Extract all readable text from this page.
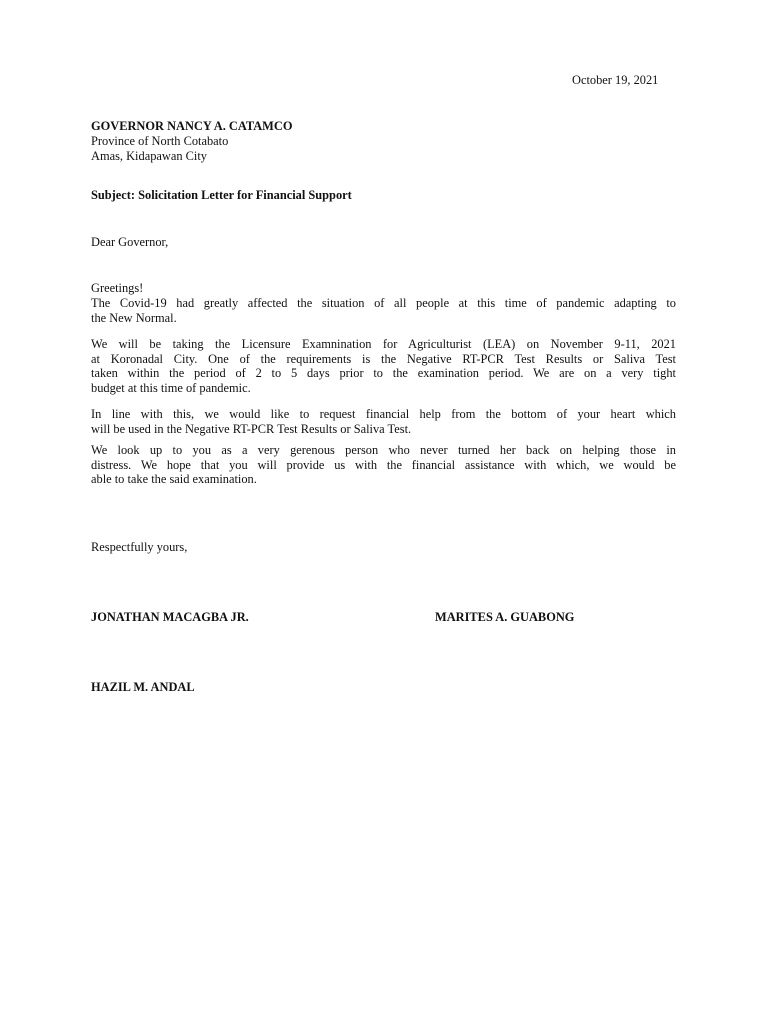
October 19, 2021
GOVERNOR NANCY A. CATAMCO
Province of North Cotabato
Amas, Kidapawan City
Subject: Solicitation Letter for Financial Support
Dear Governor,
Greetings!
The Covid-19 had greatly affected the situation of all people at this time of pandemic adapting to
the New Normal.
We will be taking the Licensure Examnination for Agriculturist (LEA) on November 9-11, 2021
at Koronadal City. One of the requirements is the Negative RT-PCR Test Results or Saliva Test
taken within the period of 2 to 5 days prior to the examination period. We are on a very tight
budget at this time of pandemic.
In line with this, we would like to request financial help from the bottom of your heart which
will be used in the Negative RT-PCR Test Results or Saliva Test.
We look up to you as a very gerenous person who never turned her back on helping those in
distress. We hope that you will provide us with the financial assistance with which, we would be
able to take the said examination.
Respectfully yours,
JONATHAN MACAGBA JR.	MARITES A. GUABONG
HAZIL M. ANDAL
